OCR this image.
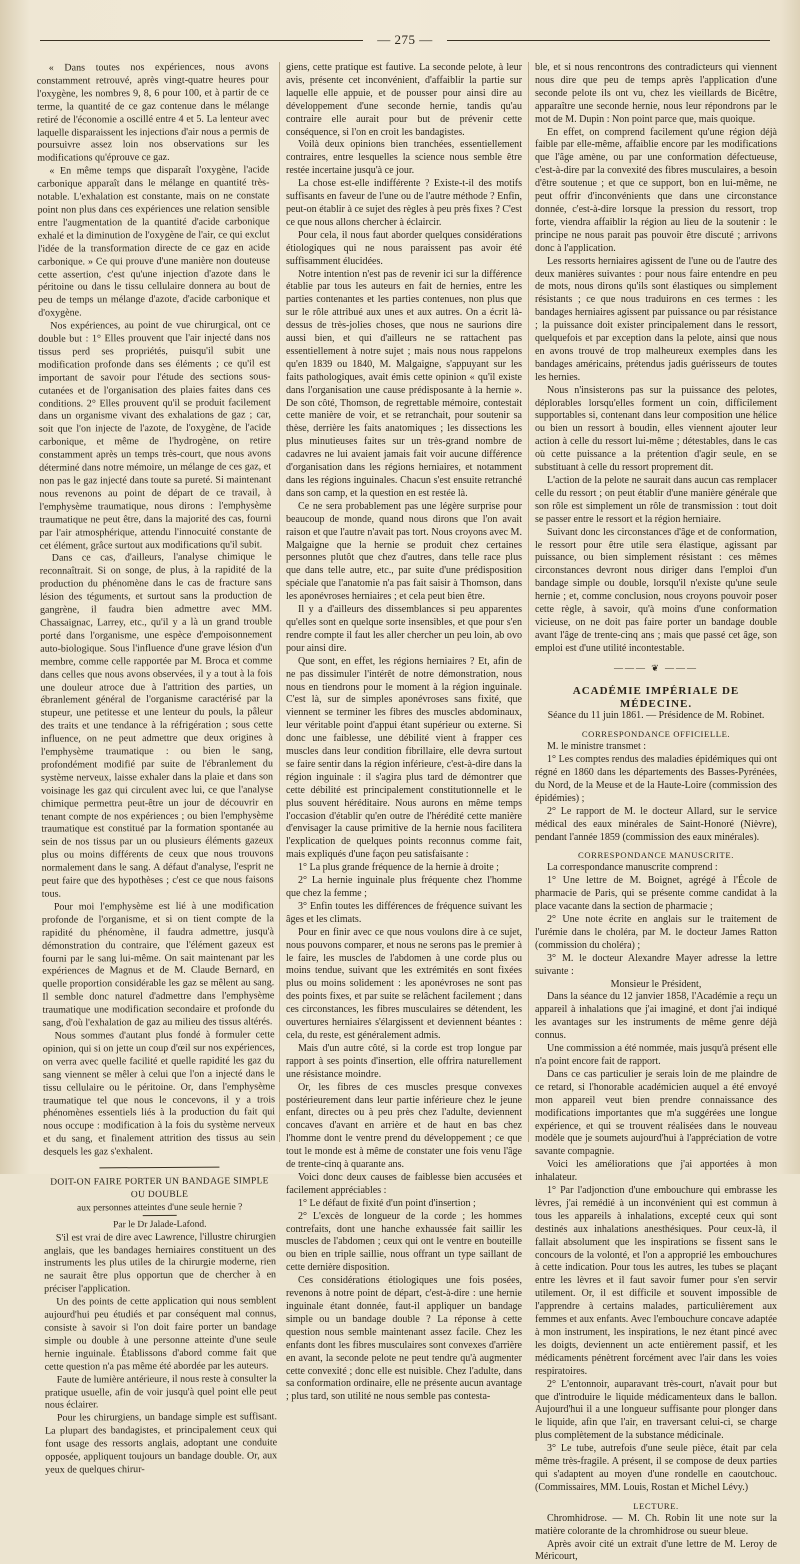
— 275 —

« Dans toutes nos expériences, nous avons constamment retrouvé, après vingt-quatre heures pour l'oxygène, les nombres 9, 8, 6 pour 100, et à partir de ce terme, la quantité de ce gaz contenue dans le mélange retiré de l'économie a oscillé entre 4 et 5. La lenteur avec laquelle disparaissent les injections d'air nous a permis de poursuivre assez loin nos observations sur les modifications qu'éprouve ce gaz.

« En même temps que disparaît l'oxygène, l'acide carbonique apparaît dans le mélange en quantité très-notable. L'exhalation est constante, mais on ne constate point non plus dans ces expériences une relation sensible entre l'augmentation de la quantité d'acide carbonique exhalé et la diminution de l'oxygène de l'air, ce qui exclut l'idée de la transformation directe de ce gaz en acide carbonique. » Ce qui prouve d'une manière non douteuse cette assertion, c'est qu'une injection d'azote dans le péritoine ou dans le tissu cellulaire donnera au bout de peu de temps un mélange d'azote, d'acide carbonique et d'oxygène.

Nos expériences, au point de vue chirurgical, ont ce double but : 1° Elles prouvent que l'air injecté dans nos tissus perd ses propriétés, puisqu'il subit une modification profonde dans ses éléments ; ce qu'il est important de savoir pour l'étude des sections sous-cutanées et de l'organisation des plaies faites dans ces conditions. 2° Elles prouvent qu'il se produit facilement dans un organisme vivant des exhalations de gaz ; car, soit que l'on injecte de l'azote, de l'oxygène, de l'acide carbonique, et même de l'hydrogène, on retire constamment après un temps très-court, que nous avons déterminé dans notre mémoire, un mélange de ces gaz, et non pas le gaz injecté dans toute sa pureté. Si maintenant nous revenons au point de départ de ce travail, à l'emphysème traumatique, nous dirons : l'emphysème traumatique ne peut être, dans la majorité des cas, fourni par l'air atmosphérique, attendu l'innocuité constante de cet élément, grâce surtout aux modifications qu'il subit.

Dans ce cas, d'ailleurs, l'analyse chimique le reconnaîtrait. Si on songe, de plus, à la rapidité de la production du phénomène dans le cas de fracture sans lésion des téguments, et surtout sans la production de gangrène, il faudra bien admettre avec MM. Chassaignac, Larrey, etc., qu'il y a là un grand trouble porté dans l'organisme, une espèce d'empoisonnement auto-biologique. Sous l'influence d'une grave lésion d'un membre, comme celle rapportée par M. Broca et comme dans celles que nous avons observées, il y a tout à la fois une douleur atroce due à l'attrition des parties, un ébranlement général de l'organisme caractérisé par la stupeur, une petitesse et une lenteur du pouls, la pâleur des traits et une tendance à la réfrigération ; sous cette influence, on ne peut admettre que deux origines à l'emphysème traumatique : ou bien le sang, profondément modifié par suite de l'ébranlement du système nerveux, laisse exhaler dans la plaie et dans son voisinage les gaz qui circulent avec lui, ce que l'analyse chimique permettra peut-être un jour de découvrir en tenant compte de nos expériences ; ou bien l'emphysème traumatique est constitué par la formation spontanée au sein de nos tissus par un ou plusieurs éléments gazeux plus ou moins différents de ceux que nous trouvons normalement dans le sang. A défaut d'analyse, l'esprit ne peut faire que des hypothèses ; c'est ce que nous faisons tous.

Pour moi l'emphysème est lié à une modification profonde de l'organisme, et si on tient compte de la rapidité du phénomène, il faudra admettre, jusqu'à démonstration du contraire, que l'élément gazeux est fourni par le sang lui-même. On sait maintenant par les expériences de Magnus et de M. Claude Bernard, en quelle proportion considérable les gaz se mêlent au sang. Il semble donc naturel d'admettre dans l'emphysème traumatique une modification secondaire et profonde du sang, d'où l'exhalation de gaz au milieu des tissus altérés.

Nous sommes d'autant plus fondé à formuler cette opinion, qui si on jette un coup d'œil sur nos expériences, on verra avec quelle facilité et quelle rapidité les gaz du sang viennent se mêler à celui que l'on a injecté dans le tissu cellulaire ou le péritoine. Or, dans l'emphysème traumatique tel que nous le concevons, il y a trois phénomènes essentiels liés à la production du fait qui nous occupe : modification à la fois du système nerveux et du sang, et finalement attrition des tissus au sein desquels les gaz s'exhalent.

DOIT-ON FAIRE PORTER UN BANDAGE SIMPLE OU DOUBLE

aux personnes atteintes d'une seule hernie ?

Par le Dr Jalade-Lafond.

S'il est vrai de dire avec Lawrence, l'illustre chirurgien anglais, que les bandages herniaires constituent un des instruments les plus utiles de la chirurgie moderne, rien ne saurait être plus opportun que de chercher à en préciser l'application.

Un des points de cette application qui nous semblent aujourd'hui peu étudiés et par conséquent mal connus, consiste à savoir si l'on doit faire porter un bandage simple ou double à une personne atteinte d'une seule hernie inguinale. Établissons d'abord comme fait que cette question n'a pas même été abordée par les auteurs.

Faute de lumière antérieure, il nous reste à consulter la pratique usuelle, afin de voir jusqu'à quel point elle peut nous éclairer.

Pour les chirurgiens, un bandage simple est suffisant. La plupart des bandagistes, et principalement ceux qui font usage des ressorts anglais, adoptant une conduite opposée, appliquent toujours un bandage double. Or, aux yeux de quelques chirur-

giens, cette pratique est fautive. La seconde pelote, à leur avis, présente cet inconvénient, d'affaiblir la partie sur laquelle elle appuie, et de pousser pour ainsi dire au développement d'une seconde hernie, tandis qu'au contraire elle aurait pour but de prévenir cette conséquence, si l'on en croit les bandagistes.

Voilà deux opinions bien tranchées, essentiellement contraires, entre lesquelles la science nous semble être restée incertaine jusqu'à ce jour.

La chose est-elle indifférente ? Existe-t-il des motifs suffisants en faveur de l'une ou de l'autre méthode ? Enfin, peut-on établir à ce sujet des règles à peu près fixes ? C'est ce que nous allons chercher à éclaircir.

Pour cela, il nous faut aborder quelques considérations étiologiques qui ne nous paraissent pas avoir été suffisamment élucidées.

Notre intention n'est pas de revenir ici sur la différence établie par tous les auteurs en fait de hernies, entre les parties contenantes et les parties contenues, non plus que sur le rôle attribué aux unes et aux autres. On a écrit là-dessus de très-jolies choses, que nous ne saurions dire aussi bien, et qui d'ailleurs ne se rattachent pas essentiellement à notre sujet ; mais nous nous rappelons qu'en 1839 ou 1840, M. Malgaigne, s'appuyant sur les faits pathologiques, avait émis cette opinion « qu'il existe dans l'organisation une cause prédisposante à la hernie ». De son côté, Thomson, de regrettable mémoire, contestait cette manière de voir, et se retranchait, pour soutenir sa thèse, derrière les faits anatomiques ; les dissections les plus minutieuses faites sur un très-grand nombre de cadavres ne lui avaient jamais fait voir aucune différence d'organisation dans les régions herniaires, et notamment dans les régions inguinales. Chacun s'est ensuite retranché dans son camp, et la question en est restée là.

Ce ne sera probablement pas une légère surprise pour beaucoup de monde, quand nous dirons que l'on avait raison et que l'autre n'avait pas tort. Nous croyons avec M. Malgaigne que la hernie se produit chez certaines personnes plutôt que chez d'autres, dans telle race plus que dans telle autre, etc., par suite d'une prédisposition spéciale que l'anatomie n'a pas fait saisir à Thomson, dans les aponévroses herniaires ; et cela peut bien être.

Il y a d'ailleurs des dissemblances si peu apparentes qu'elles sont en quelque sorte insensibles, et que pour s'en rendre compte il faut les aller chercher un peu loin, ab ovo pour ainsi dire.

Que sont, en effet, les régions herniaires ? Et, afin de ne pas dissimuler l'intérêt de notre démonstration, nous nous en tiendrons pour le moment à la région inguinale. C'est là, sur de simples aponévroses sans fixité, que viennent se terminer les fibres des muscles abdominaux, leur véritable point d'appui étant supérieur ou externe. Si donc une faiblesse, une débilité vient à frapper ces muscles dans leur condition fibrillaire, elle devra surtout se faire sentir dans la région inférieure, c'est-à-dire dans la région inguinale : il s'agira plus tard de démontrer que cette débilité est principalement constitutionnelle et le plus souvent héréditaire. Nous aurons en même temps l'occasion d'établir qu'en outre de l'hérédité cette manière d'envisager la cause primitive de la hernie nous facilitera l'explication de quelques points reconnus comme fait, mais expliqués d'une façon peu satisfaisante :

1° La plus grande fréquence de la hernie à droite ;

2° La hernie inguinale plus fréquente chez l'homme que chez la femme ;

3° Enfin toutes les différences de fréquence suivant les âges et les climats.

Pour en finir avec ce que nous voulons dire à ce sujet, nous pouvons comparer, et nous ne serons pas le premier à le faire, les muscles de l'abdomen à une corde plus ou moins tendue, suivant que les extrémités en sont fixées plus ou moins solidement : les aponévroses ne sont pas des points fixes, et par suite se relâchent facilement ; dans ces circonstances, les fibres musculaires se détendent, les ouvertures herniaires s'élargissent et deviennent béantes : cela, du reste, est généralement admis.

Mais d'un autre côté, si la corde est trop longue par rapport à ses points d'insertion, elle offrira naturellement une résistance moindre.

Or, les fibres de ces muscles presque convexes postérieurement dans leur partie inférieure chez le jeune enfant, directes ou à peu près chez l'adulte, deviennent concaves d'avant en arrière et de haut en bas chez l'homme dont le ventre prend du développement ; ce que tout le monde est à même de constater une fois venu l'âge de trente-cinq à quarante ans.

Voici donc deux causes de faiblesse bien accusées et facilement appréciables :

1° Le défaut de fixité d'un point d'insertion ;

2° L'excès de longueur de la corde ; les hommes contrefaits, dont une hanche exhaussée fait saillir les muscles de l'abdomen ; ceux qui ont le ventre en bouteille ou bien en triple saillie, nous offrant un type saillant de cette dernière disposition.

Ces considérations étiologiques une fois posées, revenons à notre point de départ, c'est-à-dire : une hernie inguinale étant donnée, faut-il appliquer un bandage simple ou un bandage double ? La réponse à cette question nous semble maintenant assez facile. Chez les enfants dont les fibres musculaires sont convexes d'arrière en avant, la seconde pelote ne peut tendre qu'à augmenter cette convexité ; donc elle est nuisible. Chez l'adulte, dans sa conformation ordinaire, elle ne présente aucun avantage ; plus tard, son utilité ne nous semble pas contesta-

ble, et si nous rencontrons des contradicteurs qui viennent nous dire que peu de temps après l'application d'une seconde pelote ils ont vu, chez les vieillards de Bicêtre, apparaître une seconde hernie, nous leur répondrons par le mot de M. Dupin : Non point parce que, mais quoique.

En effet, on comprend facilement qu'une région déjà faible par elle-même, affaiblie encore par les modifications que l'âge amène, ou par une conformation défectueuse, c'est-à-dire par la convexité des fibres musculaires, a besoin d'être soutenue ; et que ce support, bon en lui-même, ne peut offrir d'inconvénients que dans une circonstance donnée, c'est-à-dire lorsque la pression du ressort, trop forte, viendra affaiblir la région au lieu de la soutenir : le principe ne nous parait pas pouvoir être discuté ; arrivons donc à l'application.

Les ressorts herniaires agissent de l'une ou de l'autre des deux manières suivantes : pour nous faire entendre en peu de mots, nous dirons qu'ils sont élastiques ou simplement résistants ; ce que nous traduirons en ces termes : les bandages herniaires agissent par puissance ou par résistance ; la puissance doit exister principalement dans le ressort, quelquefois et par exception dans la pelote, ainsi que nous en avons trouvé de trop malheureux exemples dans les bandages américains, prétendus jadis guérisseurs de toutes les hernies.

Nous n'insisterons pas sur la puissance des pelotes, déplorables lorsqu'elles forment un coin, difficilement supportables si, contenant dans leur composition une hélice ou bien un ressort à boudin, elles viennent ajouter leur action à celle du ressort lui-même ; détestables, dans le cas où cette puissance a la prétention d'agir seule, en se substituant à celle du ressort proprement dit.

L'action de la pelote ne saurait dans aucun cas remplacer celle du ressort ; on peut établir d'une manière générale que son rôle est simplement un rôle de transmission : tout doit se passer entre le ressort et la région herniaire.

Suivant donc les circonstances d'âge et de conformation, le ressort pour être utile sera élastique, agissant par puissance, ou bien simplement résistant : ces mêmes circonstances devront nous diriger dans l'emploi d'un bandage simple ou double, lorsqu'il n'existe qu'une seule hernie ; et, comme conclusion, nous croyons pouvoir poser cette règle, à savoir, qu'à moins d'une conformation vicieuse, on ne doit pas faire porter un bandage double avant l'âge de trente-cinq ans ; mais que passé cet âge, son emploi est d'une utilité incontestable.

——— ❦ ———

ACADÉMIE IMPÉRIALE DE MÉDECINE.

Séance du 11 juin 1861. — Présidence de M. Robinet.

CORRESPONDANCE OFFICIELLE.

M. le ministre transmet :

1° Les comptes rendus des maladies épidémiques qui ont régné en 1860 dans les départements des Basses-Pyrénées, du Nord, de la Meuse et de la Haute-Loire (commission des épidémies) ;

2° Le rapport de M. le docteur Allard, sur le service médical des eaux minérales de Saint-Honoré (Nièvre), pendant l'année 1859 (commission des eaux minérales).

CORRESPONDANCE MANUSCRITE.

La correspondance manuscrite comprend :

1° Une lettre de M. Boignet, agrégé à l'École de pharmacie de Paris, qui se présente comme candidat à la place vacante dans la section de pharmacie ;

2° Une note écrite en anglais sur le traitement de l'urémie dans le choléra, par M. le docteur James Ratton (commission du choléra) ;

3° M. le docteur Alexandre Mayer adresse la lettre suivante :

Monsieur le Président,

Dans la séance du 12 janvier 1858, l'Académie a reçu un appareil à inhalations que j'ai imaginé, et dont j'ai indiqué les avantages sur les instruments de même genre déjà connus.

Une commission a été nommée, mais jusqu'à présent elle n'a point encore fait de rapport.

Dans ce cas particulier je serais loin de me plaindre de ce retard, si l'honorable académicien auquel a été envoyé mon appareil veut bien prendre connaissance des modifications importantes que m'a suggérées une longue expérience, et qui se trouvent réalisées dans le nouveau modèle que je soumets aujourd'hui à l'appréciation de votre savante compagnie.

Voici les améliorations que j'ai apportées à mon inhalateur.

1° Par l'adjonction d'une embouchure qui embrasse les lèvres, j'ai remédié à un inconvénient qui est commun à tous les appareils à inhalations, excepté ceux qui sont destinés aux inhalations anesthésiques. Pour ceux-là, il fallait absolument que les inspirations se fissent sans le concours de la volonté, et l'on a approprié les embouchures à cette indication. Pour tous les autres, les tubes se plaçant entre les lèvres et il faut savoir fumer pour s'en servir utilement. Or, il est difficile et souvent impossible de l'apprendre à certains malades, particulièrement aux femmes et aux enfants. Avec l'embouchure concave adaptée à mon instrument, les inspirations, le nez étant pincé avec les doigts, deviennent un acte entièrement passif, et les médicaments pénètrent forcément avec l'air dans les voies respiratoires.

2° L'entonnoir, auparavant très-court, n'avait pour but que d'introduire le liquide médicamenteux dans le ballon. Aujourd'hui il a une longueur suffisante pour plonger dans le liquide, afin que l'air, en traversant celui-ci, se charge plus complètement de la substance médicinale.

3° Le tube, autrefois d'une seule pièce, était par cela même très-fragile. A présent, il se compose de deux parties qui s'adaptent au moyen d'une rondelle en caoutchouc. (Commissaires, MM. Louis, Rostan et Michel Lévy.)

LECTURE.

Chromhidrose. — M. Ch. Robin lit une note sur la matière colorante de la chromhidrose ou sueur bleue.

Après avoir cité un extrait d'une lettre de M. Leroy de Méricourt,
